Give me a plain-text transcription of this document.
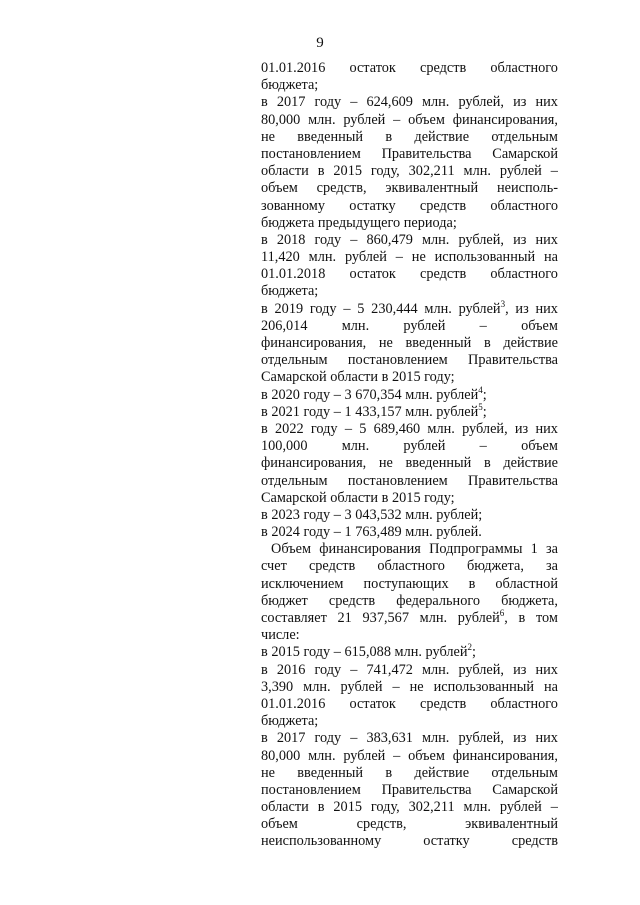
9
01.01.2016 остаток средств областного
бюджета;
в 2017 году – 624,609 млн. рублей, из них
80,000 млн. рублей – объем финансирования,
не введенный в действие отдельным
постановлением Правительства Самарской
области в 2015 году, 302,211 млн. рублей –
объем средств, эквивалентный неисполь-
зованному остатку средств областного
бюджета предыдущего периода;
в 2018 году – 860,479 млн. рублей, из них
11,420 млн. рублей – не использованный на
01.01.2018 остаток средств областного
бюджета;
в 2019 году – 5 230,444 млн. рублей$^3$, из них
206,014 млн. рублей – объем
финансирования, не введенный в действие
отдельным постановлением Правительства
Самарской области в 2015 году;
в 2020 году – 3 670,354 млн. рублей$^4$;
в 2021 году – 1 433,157 млн. рублей$^5$;
в 2022 году – 5 689,460 млн. рублей, из них
100,000 млн. рублей – объем
финансирования, не введенный в действие
отдельным постановлением Правительства
Самарской области в 2015 году;
в 2023 году – 3 043,532 млн. рублей;
в 2024 году – 1 763,489 млн. рублей.
Объем финансирования Подпрограммы 1 за
счет средств областного бюджета, за
исключением поступающих в областной
бюджет средств федерального бюджета,
составляет 21 937,567 млн. рублей$^6$, в том
числе:
в 2015 году – 615,088 млн. рублей$^2$;
в 2016 году – 741,472 млн. рублей, из них
3,390 млн. рублей – не использованный на
01.01.2016 остаток средств областного
бюджета;
в 2017 году – 383,631 млн. рублей, из них
80,000 млн. рублей – объем финансирования,
не введенный в действие отдельным
постановлением Правительства Самарской
области в 2015 году, 302,211 млн. рублей –
объем	средств,	эквивалентный
неиспользованному	остатку	средств
